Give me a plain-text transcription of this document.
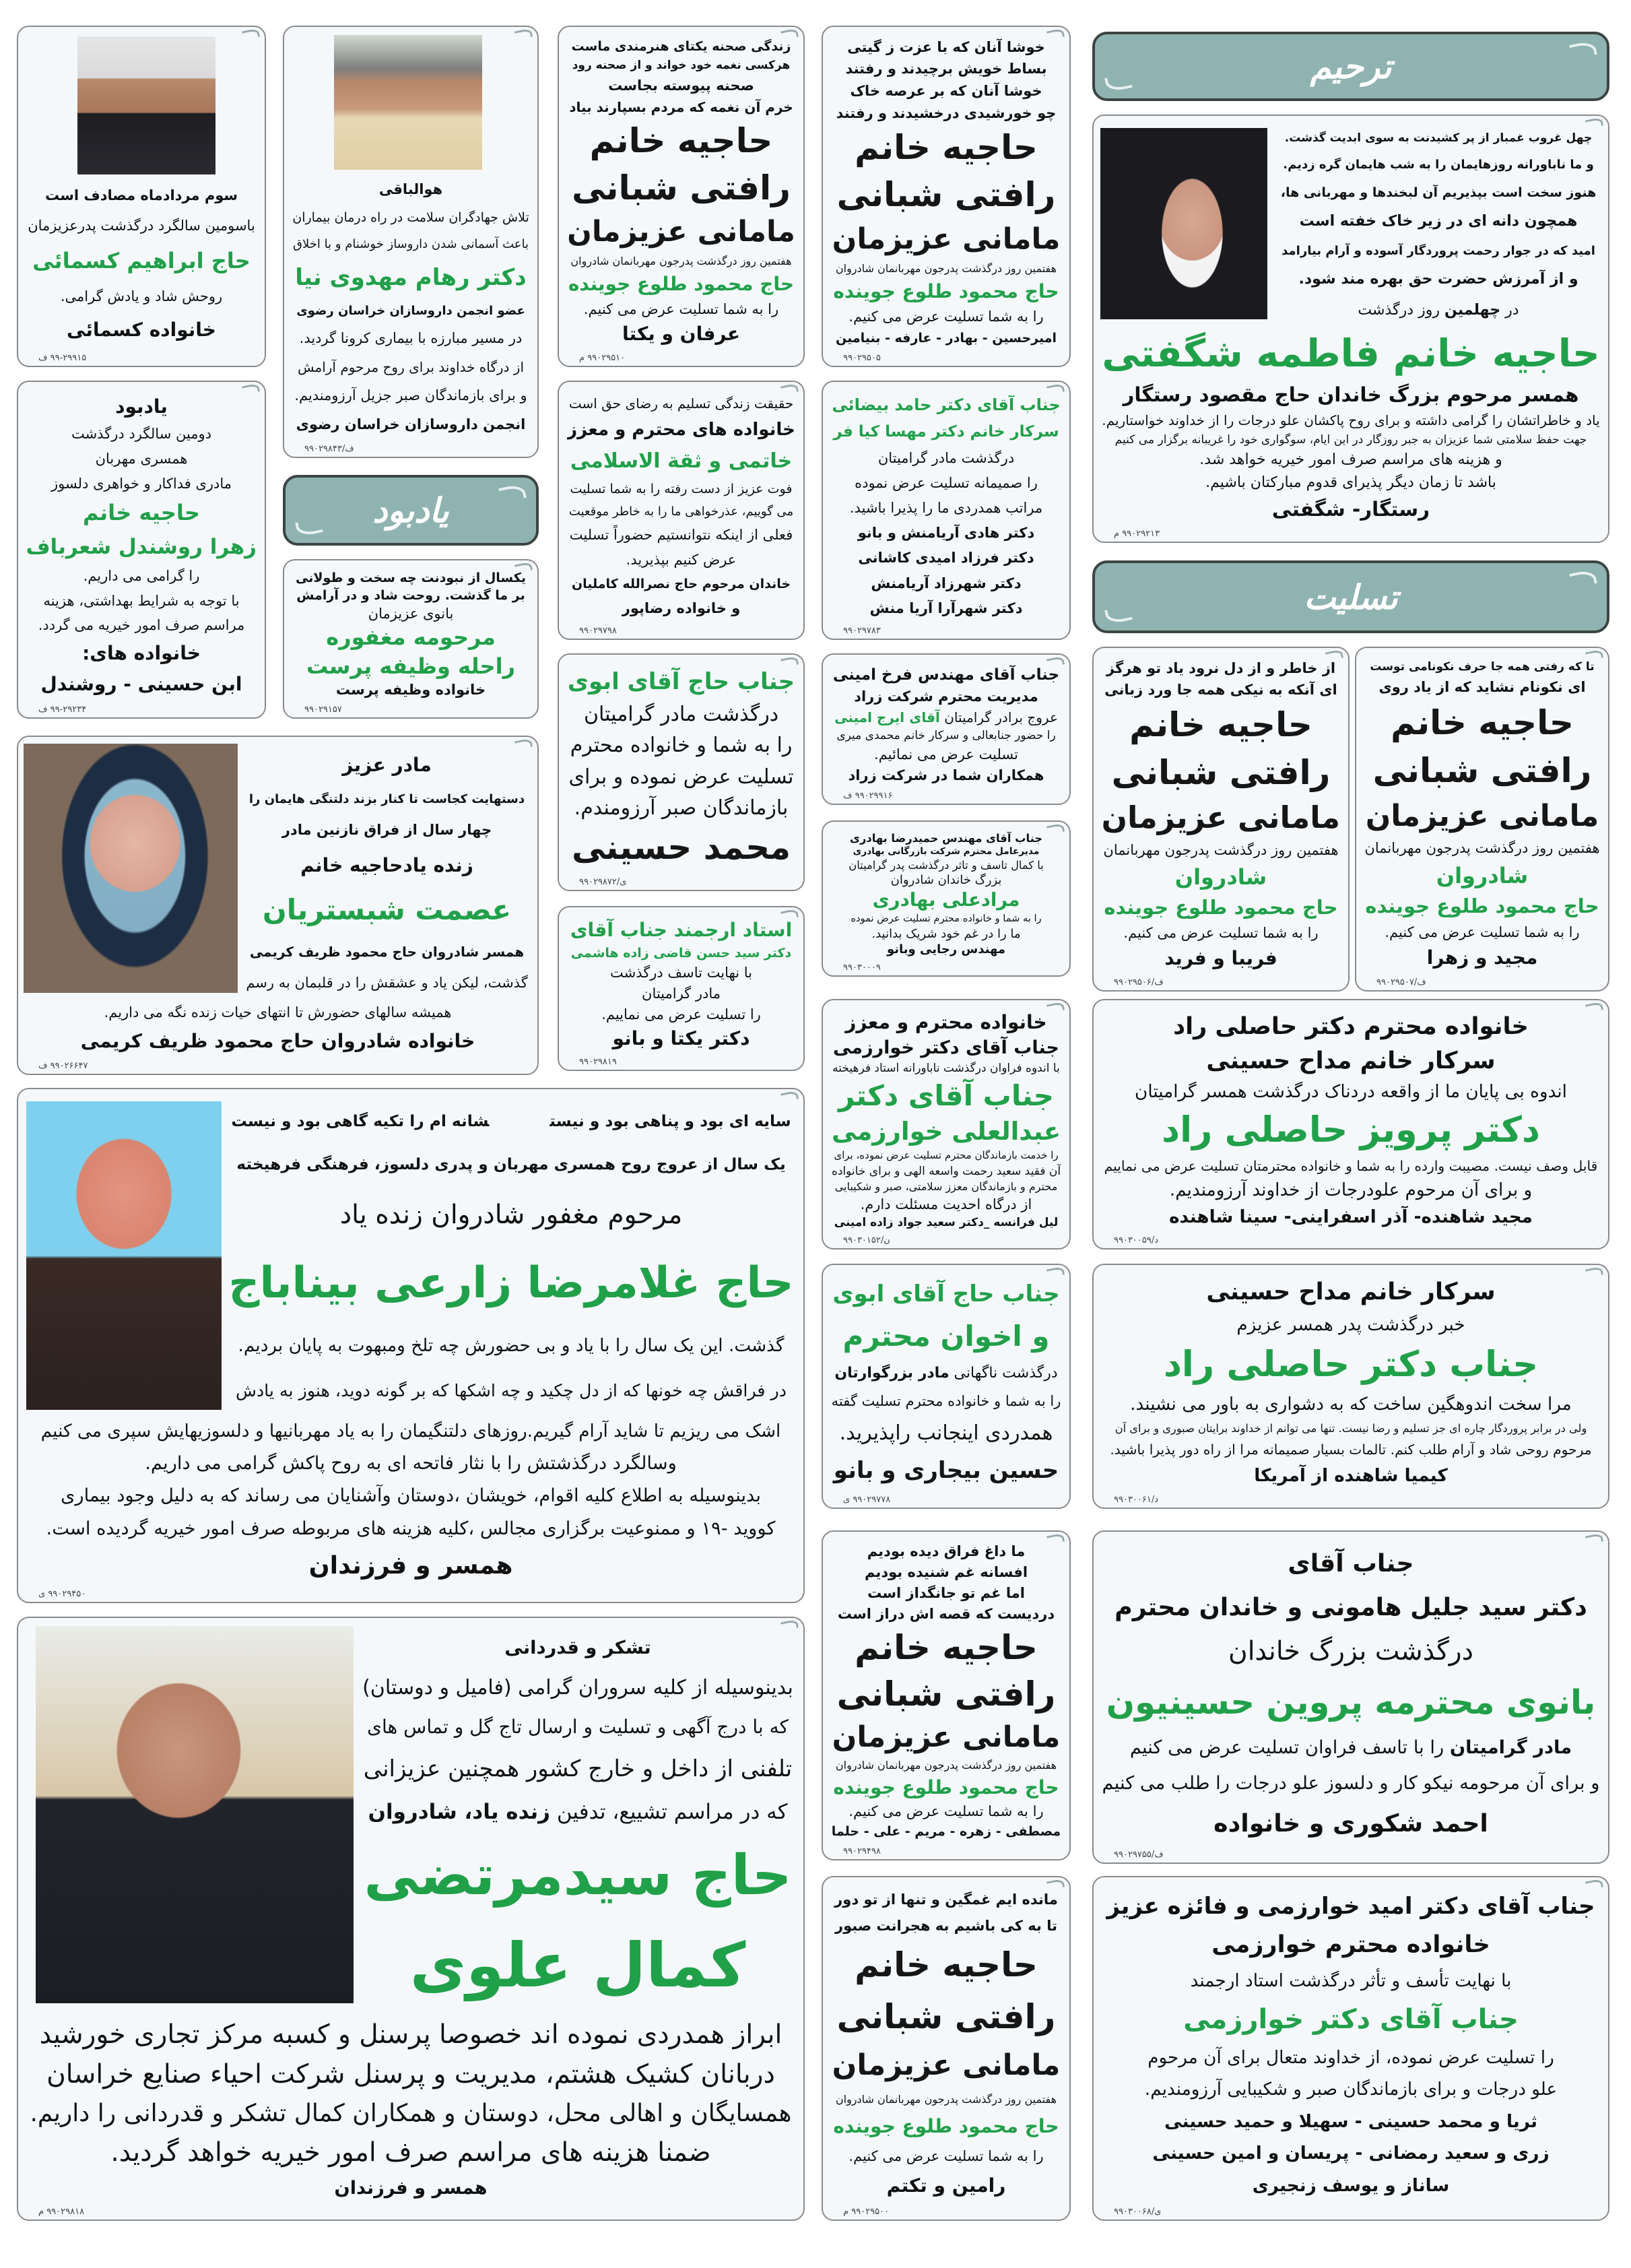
سوم مردادماه مصادف است
باسومین سالگرد درگذشت پدرعزیزمان
حاج ابراهیم کسمائی
روحش شاد و یادش گرامی.
خانواده کسمائی
۹۹-۲۹۹۱۵ ف
یادبود
دومین سالگرد درگذشت
همسری مهربان
مادری فداکار و خواهری دلسوز
حاجیه خانم
زهرا روشندل شعرباف
را گرامی می داریم.
با توجه به شرایط بهداشتی، هزینه
مراسم صرف امور خیریه می گردد.
خانواده های:
ابن حسینی - روشندل
۹۹-۲۹۲۳۴ ف
هوالباقی
تلاش جهادگران سلامت در راه درمان بیماران
باعث آسمانی شدن داروساز خوشنام و با اخلاق
دکتر رهام مهدوی نیا
عضو انجمن داروسازان خراسان رضوی
در مسیر مبارزه با بیماری کرونا گردید.
از درگاه خداوند برای روح مرحوم آرامش
و برای بازماندگان صبر جزیل آرزومندیم.
انجمن داروسازان خراسان رضوی
ف/۹۹۰۲۹۸۴۳
یادبود
یکسال از نبودنت چه سخت و طولانی
بر ما گذشت. روحت شاد و در آرامش
بانوی عزیزمان
مرحومه مغفوره
راحله وظیفه پرست
خانواده وظیفه پرست
۹۹۰۲۹۱۵۷
زندگی صحنه یکتای هنرمندی ماست
هرکسی نغمه خود خواند و از صحنه رود
صحنه پیوسته بجاست
خرم آن نغمه که مردم بسپارند بیاد
حاجیه خانم
رافتی شبانی
مامانی عزیزمان
هفتمین روز درگذشت پدرجون مهربانمان شادروان
حاج محمود طلوع جوینده
را به شما تسلیت عرض می کنیم.
عرفان و یکتا
۹۹۰۲۹۵۱۰ م
حقیقت زندگی تسلیم به رضای حق است
خانواده های محترم و معزز
خاتمی و ثقة الاسلامی
فوت عزیز از دست رفته را به شما تسلیت
می گوییم، عذرخواهی ما را به خاطر موقعیت
فعلی از اینکه نتوانستیم حضوراً تسلیت
عرض کنیم بپذیرید.
خاندان مرحوم حاج نصرالله کاملیان
و خانواده رضاپور
۹۹۰۲۹۷۹۸
جناب حاج آقای ابوی
درگذشت مادر گرامیتان
را به شما و خانواده محترم
تسلیت عرض نموده و برای
بازماندگان صبر آرزومندم.
محمد حسینی
ی/۹۹۰۲۹۸۷۲
استاد ارجمند جناب آقای
دکتر سید حسن قاضی زاده هاشمی
با نهایت تاسف درگذشت
مادر گرامیتان
را تسلیت عرض می نماییم.
دکتر یکتا و بانو
۹۹۰۲۹۸۱۹
خوشا آنان که با عزت ز گیتی
بساط خویش برچیدند و رفتند
خوشا آنان که بر عرصه خاک
چو خورشیدی درخشیدند و رفتند
حاجیه خانم
رافتی شبانی
مامانی عزیزمان
هفتمین روز درگذشت پدرجون مهربانمان شادروان
حاج محمود طلوع جوینده
را به شما تسلیت عرض می کنیم.
امیرحسین - بهادر - عارفه - بنیامین
۹۹۰۲۹۵۰۵
جناب آقای دکتر حامد بیضائی
سرکار خانم دکتر مهسا کیا فر
درگذشت مادر گرامیتان
را صمیمانه تسلیت عرض نموده
مراتب همدردی ما را پذیرا باشید.
دکتر هادی آریامنش و بانو
دکتر فرزاد امیدی کاشانی
دکتر شهرزاد آریامنش
دکتر شهرآرا آریا منش
۹۹۰۲۹۷۸۳
جناب آقای مهندس فرخ امینی
مدیریت محترم شرکت زراد
عروج برادر گرامیتان آقای ایرج امینی
را حضور جنابعالی و سرکار خانم محمدی میری
تسلیت عرض می نمائیم.
همکاران شما در شرکت زراد
۹۹۰۲۹۹۱۶ ف
جناب آقای مهندس حمیدرضا بهادری
مدیرعامل محترم شرکت بازرگانی بهادری
با کمال تاسف و تاثر درگذشت پدر گرامیتان
بزرگ خاندان شادروان
مرادعلی بهادری
را به شما و خانواده محترم تسلیت عرض نموده
ما را در غم خود شریک بدانید.
مهندس رجایی وبانو
۹۹۰۳۰۰۰۹
خانواده محترم و معزز
جناب آقای دکتر خوارزمی
با اندوه فراوان درگذشت ناباورانه استاد فرهیخته
جناب آقای دکتر
عبدالعلی خوارزمی
را خدمت بازماندگان محترم تسلیت عرض نموده، برای
آن فقید سعید رحمت واسعه الهی و برای خانواده
محترم و بازماندگان معزز سلامتی، صبر و شکیبایی
از درگاه احدیت مسئلت دارم.
لیل فرانسه _دکتر سعید جواد زاده امینی
ن/۹۹۰۳۰۱۵۲
جناب حاج آقای ابوی
و اخوان محترم
درگذشت ناگهانی مادر بزرگوارتان
را به شما و خانواده محترم تسلیت گفته
همدردی اینجانب راپذیرید.
حسین بیجاری و بانو
۹۹۰۲۹۷۷۸ ی
ما داغ فراق دیده بودیم
افسانه غم شنیده بودیم
اما غم تو جانگداز است
دردیست که قصه اش دراز است
حاجیه خانم
رافتی شبانی
مامانی عزیزمان
هفتمین روز درگذشت پدرجون مهربانمان شادروان
حاج محمود طلوع جوینده
را به شما تسلیت عرض می کنیم.
مصطفی - زهره - مریم - علی - حلما
۹۹۰۲۹۴۹۸
مانده ایم غمگین و تنها از تو دور
تا به کی باشیم به هجرانت صبور
حاجیه خانم
رافتی شبانی
مامانی عزیزمان
هفتمین روز درگذشت پدرجون مهربانمان شادروان
حاج محمود طلوع جوینده
را به شما تسلیت عرض می کنیم.
رامین و تکتم
۹۹۰۲۹۵۰۰ م
ترحیم
چهل غروب غمبار از پر کشیدنت به سوی ابدیت گذشت.
و ما ناباورانه روزهایمان را به شب هایمان گره زدیم.
هنوز سخت است بپذیریم آن لبخندها و مهربانی ها،
همچون دانه ای در زیر خاک خفته است
امید که در جوار رحمت پروردگار آسوده و آرام بیارامد
و از آمرزش حضرت حق بهره مند شود.
در چهلمین روز درگذشت
حاجیه خانم فاطمه شگفتی
همسر مرحوم بزرگ خاندان حاج مقصود رستگار
یاد و خاطراتشان را گرامی داشته و برای روح پاکشان علو درجات را از خداوند خواستاریم.
جهت حفظ سلامتی شما عزیزان به جبر روزگار در این ایام، سوگواری خود را غریبانه برگزار می کنیم
و هزینه های مراسم صرف امور خیریه خواهد شد.
باشد تا زمان دیگر پذیرای قدوم مبارکتان باشیم.
رستگار- شگفتی
۹۹۰۲۹۲۱۳ م
تسلیت
از خاطر و از دل نرود یاد تو هرگز
ای آنکه به نیکی همه جا ورد زبانی
حاجیه خانم
رافتی شبانی
مامانی عزیزمان
هفتمین روز درگذشت پدرجون مهربانمان
شادروان
حاج محمود طلوع جوینده
را به شما تسلیت عرض می کنیم.
فریبا و فرید
ف/۹۹۰۲۹۵۰۶
تا که رفتی همه جا حرف نکونامی توست
ای نکونام نشاید که از یاد روی
حاجیه خانم
رافتی شبانی
مامانی عزیزمان
هفتمین روز درگذشت پدرجون مهربانمان
شادروان
حاج محمود طلوع جوینده
را به شما تسلیت عرض می کنیم.
مجید و زهرا
ف/۹۹۰۲۹۵۰۷
خانواده محترم دکتر حاصلی راد
سرکار خانم مداح حسینی
اندوه بی پایان ما از واقعه دردناک درگذشت همسر گرامیتان
دکتر پرویز حاصلی راد
قابل وصف نیست. مصیبت وارده را به شما و خانواده محترمتان تسلیت عرض می نماییم
و برای آن مرحوم علودرجات از خداوند آرزومندیم.
مجید شاهنده- آذر اسفراینی- سینا شاهنده
د/۹۹۰۳۰۰۵۹
سرکار خانم مداح حسینی
خبر درگذشت پدر همسر عزیزم
جناب دکتر حاصلی راد
مرا سخت اندوهگین ساخت که به دشواری به باور می نشیند.
ولی در برابر پروردگار چاره ای جز تسلیم و رضا نیست. تنها می توانم از خداوند برایتان صبوری و برای آن
مرحوم روحی شاد و آرام طلب کنم. تالمات بسیار صمیمانه مرا از راه دور پذیرا باشید.
کیمیا شاهنده از آمریکا
د/۹۹۰۳۰۰۶۱
جناب آقای
دکتر سید جلیل هامونی و خاندان محترم
درگذشت بزرگ خاندان
بانوی محترمه پروین حسینیون
مادر گرامیتان را با تاسف فراوان تسلیت عرض می کنیم
و برای آن مرحومه نیکو کار و دلسوز علو درجات را طلب می کنیم
احمد شکوری و خانواده
ف/۹۹۰۲۹۷۵۵
جناب آقای دکتر امید خوارزمی و فائزه عزیز
خانواده محترم خوارزمی
با نهایت تأسف و تأثر درگذشت استاد ارجمند
جناب آقای دکتر خوارزمی
را تسلیت عرض نموده، از خداوند متعال برای آن مرحوم
علو درجات و برای بازماندگان صبر و شکیبایی آرزومندیم.
ثریا و محمد حسینی - سهیلا و حمید حسینی
زری و سعید رمضانی - پریسان و امین حسینی
ساناز و یوسف زنجیری
ی/۹۹۰۳۰۰۶۸
مادر عزیز
دستهایت کجاست تا کنار بزند دلتنگی هایمان را
چهار سال از فراق نازنین مادر
زنده یادحاجیه خانم
عصمت شبستریان
همسر شادروان حاج محمود ظریف کریمی
گذشت، لیکن یاد و عشقش را در قلبمان به رسم
همیشه سالهای حضورش تا انتهای حیات زنده نگه می داریم.
خانواده شادروان حاج محمود ظریف کریمی
۹۹۰۲۶۶۴۷ ف
سایه ای بود و پناهی بود و نیستشانه ام را تکیه گاهی بود و نیست
یک سال از عروج روح همسری مهربان و پدری دلسوز، فرهنگی فرهیخته
مرحوم مغفور شادروان زنده یاد
حاج غلامرضا زارعی بیناباج
گذشت. این یک سال را با یاد و بی حضورش چه تلخ ومبهوت به پایان بردیم.
در فراقش چه خونها که از دل چکید و چه اشکها که بر گونه دوید، هنوز به یادش
اشک می ریزیم تا شاید آرام گیریم.روزهای دلتنگیمان را به یاد مهربانیها و دلسوزیهایش سپری می کنیم
وسالگرد درگذشتش را با نثار فاتحه ای به روح پاکش گرامی می داریم.
بدینوسیله به اطلاع کلیه اقوام، خویشان ،دوستان وآشنایان می رساند که به دلیل وجود بیماری
کووید -۱۹ و ممنوعیت برگزاری مجالس ،کلیه هزینه های مربوطه صرف امور خیریه گردیده است.
همسر و فرزندان
۹۹۰۲۹۴۵۰ ی
تشکر و قدردانی
بدینوسیله از کلیه سروران گرامی (فامیل و دوستان)
که با درج آگهی و تسلیت و ارسال تاج گل و تماس های
تلفنی از داخل و خارج کشور همچنین عزیزانی
که در مراسم تشییع، تدفین زنده یاد، شادروان
حاج سیدمرتضی
کمال علوی
ابراز همدردی نموده اند خصوصا پرسنل و کسبه مرکز تجاری خورشید
دربانان کشیک هشتم، مدیریت و پرسنل شرکت احیاء صنایع خراسان
همسایگان و اهالی محل، دوستان و همکاران کمال تشکر و قدردانی را داریم.
ضمنا هزینه های مراسم صرف امور خیریه خواهد گردید.
همسر و فرزندان
۹۹۰۲۹۸۱۸ م
